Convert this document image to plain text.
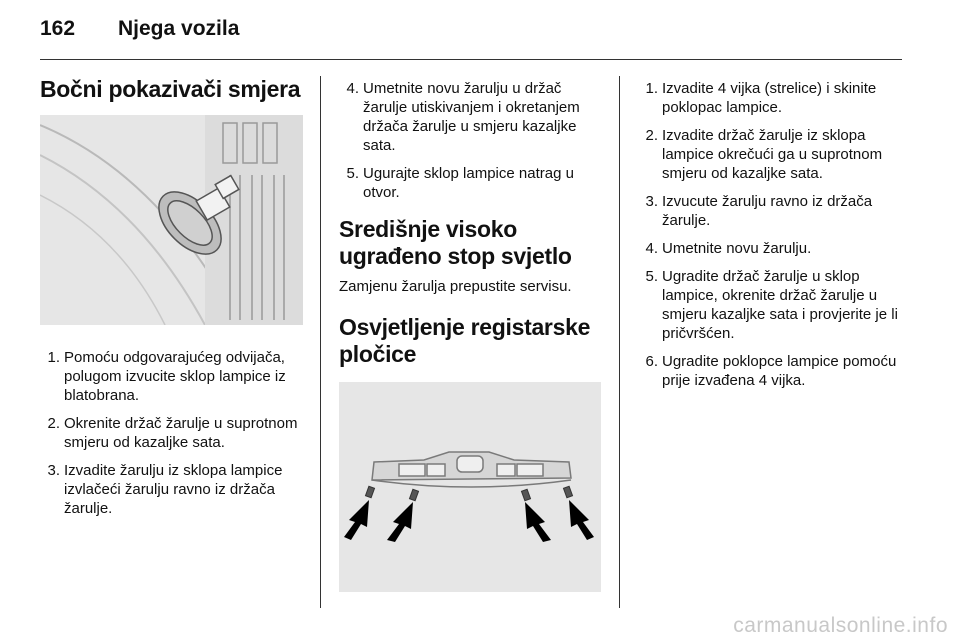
162 Njega vozila
Bočni pokazivači smjera
1. Pomoću odgovarajućeg odvijača, polugom izvucite sklop lampice iz blatobrana.
2. Okrenite držač žarulje u suprotnom smjeru od kazaljke sata.
3. Izvadite žarulju iz sklopa lampice izvlačeći žarulju ravno iz držača žarulje.
4. Umetnite novu žarulju u držač žarulje utiskivanjem i okretanjem držača žarulje u smjeru kazaljke sata.
5. Ugurajte sklop lampice natrag u otvor.
Središnje visoko ugrađeno stop svjetlo

Zamjenu žarulja prepustite servisu.

Osvjetljenje registarske pločice
1. Izvadite 4 vijka (strelice) i skinite poklopac lampice.
2. Izvadite držač žarulje iz sklopa lampice okrečući ga u suprotnom smjeru od kazaljke sata.
3. Izvucute žarulju ravno iz držača žarulje.
4. Umetnite novu žarulju.
5. Ugradite držač žarulje u sklop lampice, okrenite držač žarulje u smjeru kazaljke sata i provjerite je li pričvršćen.
6. Ugradite poklopce lampice pomoću prije izvađena 4 vijka.
carmanualsonline.info
